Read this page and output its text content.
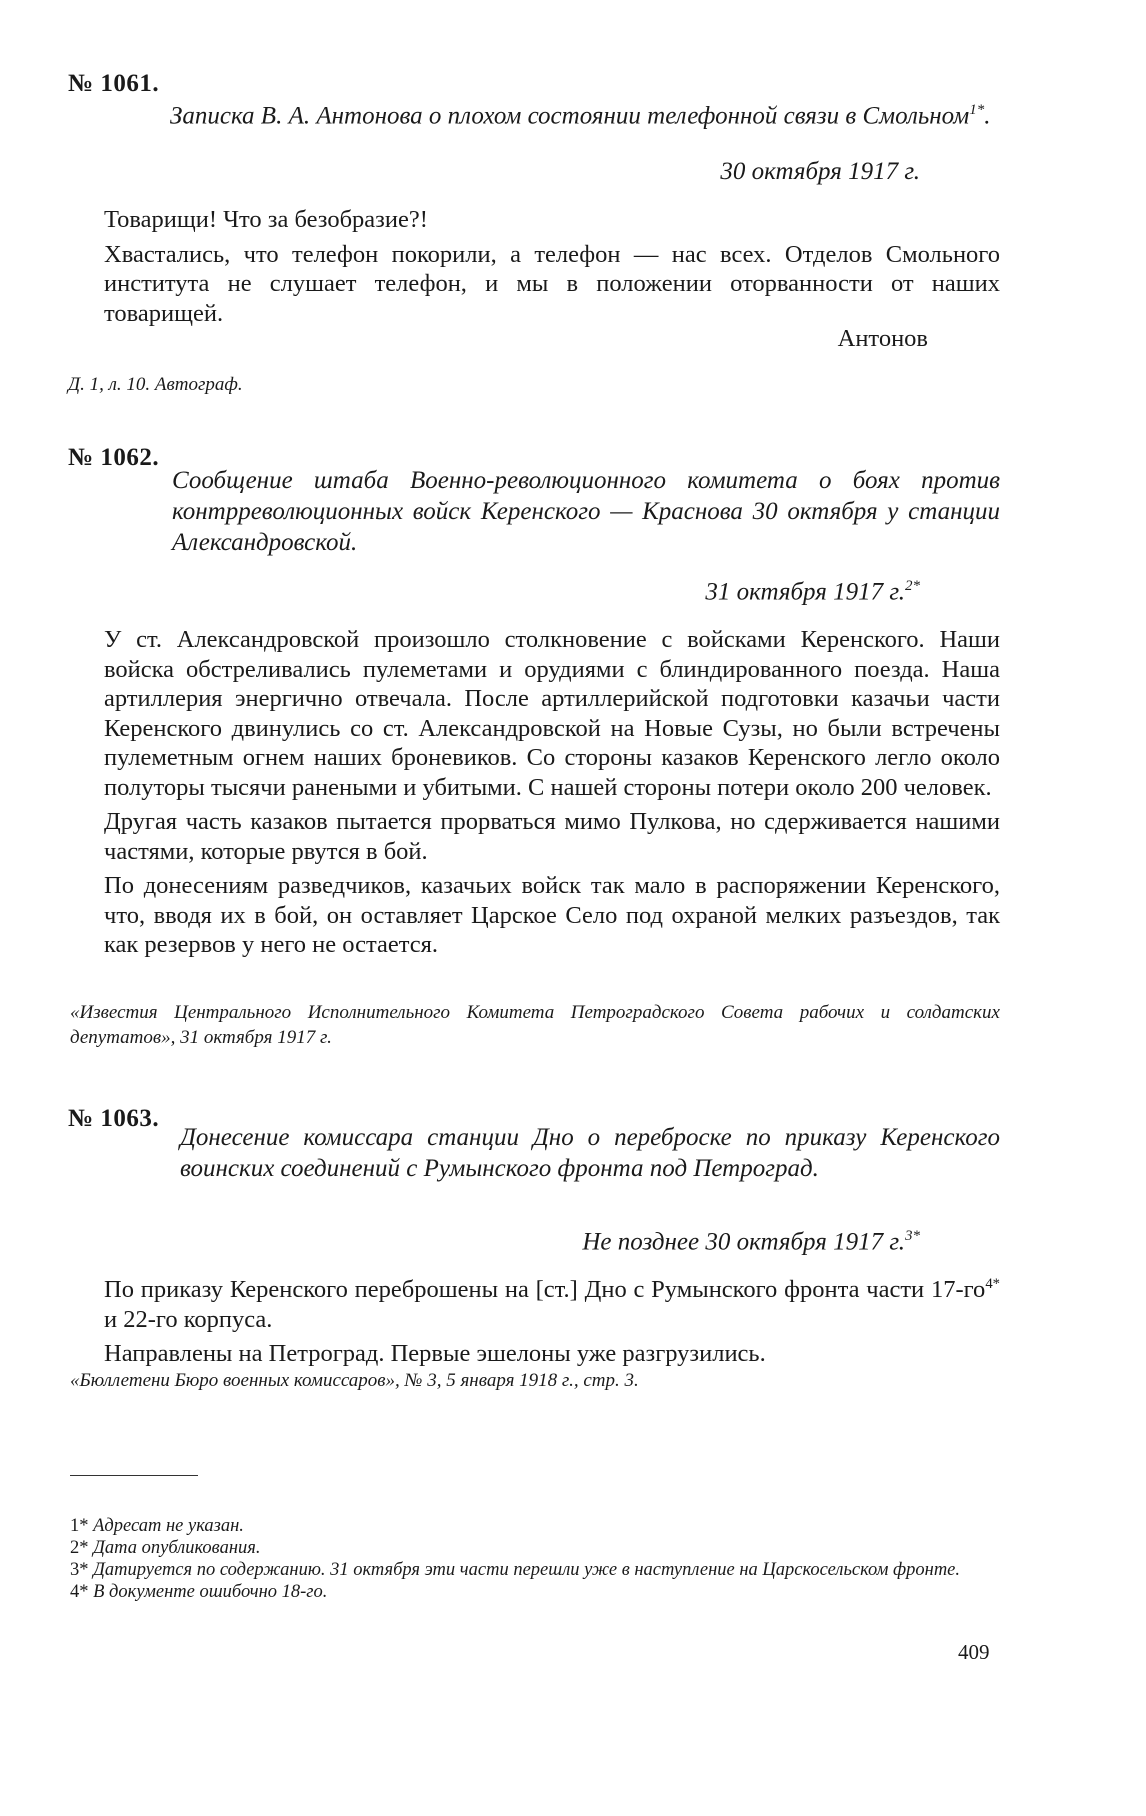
№ 1061.
Записка В. А. Антонова о плохом состоянии телефонной связи в Смольном$^{1*}$.
30 октября 1917 г.

Товарищи! Что за безобразие?!

Хвастались, что телефон покорили, а телефон — нас всех. Отделов Смольного института не слушает телефон, и мы в положении оторванности от наших товарищей.

Антонов
Д. 1, л. 10. Автограф.
№ 1062.
Сообщение штаба Военно-революционного комитета о боях против контрреволюционных войск Керенского — Краснова 30 октября у станции Александровской.
31 октября 1917 г.$^{2*}$

У ст. Александровской произошло столкновение с войсками Керенского. Наши войска обстреливались пулеметами и орудиями с блиндированного поезда. Наша артиллерия энергично отвечала. После артиллерийской подготовки казачьи части Керенского двинулись со ст. Александровской на Новые Сузы, но были встречены пулеметным огнем наших броневиков. Со стороны казаков Керенского легло около полуторы тысячи ранеными и убитыми. С нашей стороны потери около 200 человек.

Другая часть казаков пытается прорваться мимо Пулкова, но сдерживается нашими частями, которые рвутся в бой.

По донесениям разведчиков, казачьих войск так мало в распоряжении Керенского, что, вводя их в бой, он оставляет Царское Село под охраной мелких разъездов, так как резервов у него не остается.

«Известия Центрального Исполнительного Комитета Петроградского Совета рабочих и солдатских депутатов», 31 октября 1917 г.
№ 1063.
Донесение комиссара станции Дно о переброске по приказу Керенского воинских соединений с Румынского фронта под Петроград.
Не позднее 30 октября 1917 г.$^{3*}$

По приказу Керенского переброшены на [ст.] Дно с Румынского фронта части $17-го^{4*}$ и 22-го корпуса.

Направлены на Петроград. Первые эшелоны уже разгрузились.

«Бюллетени Бюро военных комиссаров», № 3, 5 января 1918 г., стр. 3.
1* Адресат не указан.
2* Дата опубликования.
3* Датируется по содержанию. 31 октября эти части перешли уже в наступление на Царскосельском фронте.
4* В документе ошибочно 18-го.
409
